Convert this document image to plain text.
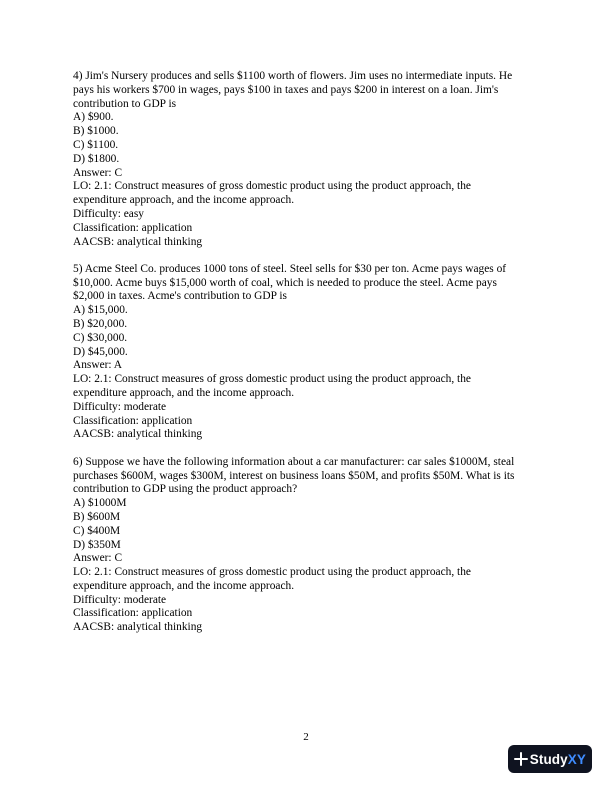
4) Jim's Nursery produces and sells $1100 worth of flowers. Jim uses no intermediate inputs. He
pays his workers $700 in wages, pays $100 in taxes and pays $200 in interest on a loan. Jim's
contribution to GDP is
A) $900.
B) $1000.
C) $1100.
D) $1800.
Answer: C
LO: 2.1: Construct measures of gross domestic product using the product approach, the
expenditure approach, and the income approach.
Difficulty: easy
Classification: application
AACSB: analytical thinking
5) Acme Steel Co. produces 1000 tons of steel. Steel sells for $30 per ton. Acme pays wages of
$10,000. Acme buys $15,000 worth of coal, which is needed to produce the steel. Acme pays
$2,000 in taxes. Acme's contribution to GDP is
A) $15,000.
B) $20,000.
C) $30,000.
D) $45,000.
Answer: A
LO: 2.1: Construct measures of gross domestic product using the product approach, the
expenditure approach, and the income approach.
Difficulty: moderate
Classification: application
AACSB: analytical thinking
6) Suppose we have the following information about a car manufacturer: car sales $1000M, steal
purchases $600M, wages $300M, interest on business loans $50M, and profits $50M. What is its
contribution to GDP using the product approach?
A) $1000M
B) $600M
C) $400M
D) $350M
Answer: C
LO: 2.1: Construct measures of gross domestic product using the product approach, the
expenditure approach, and the income approach.
Difficulty: moderate
Classification: application
AACSB: analytical thinking
2
StudyXY
